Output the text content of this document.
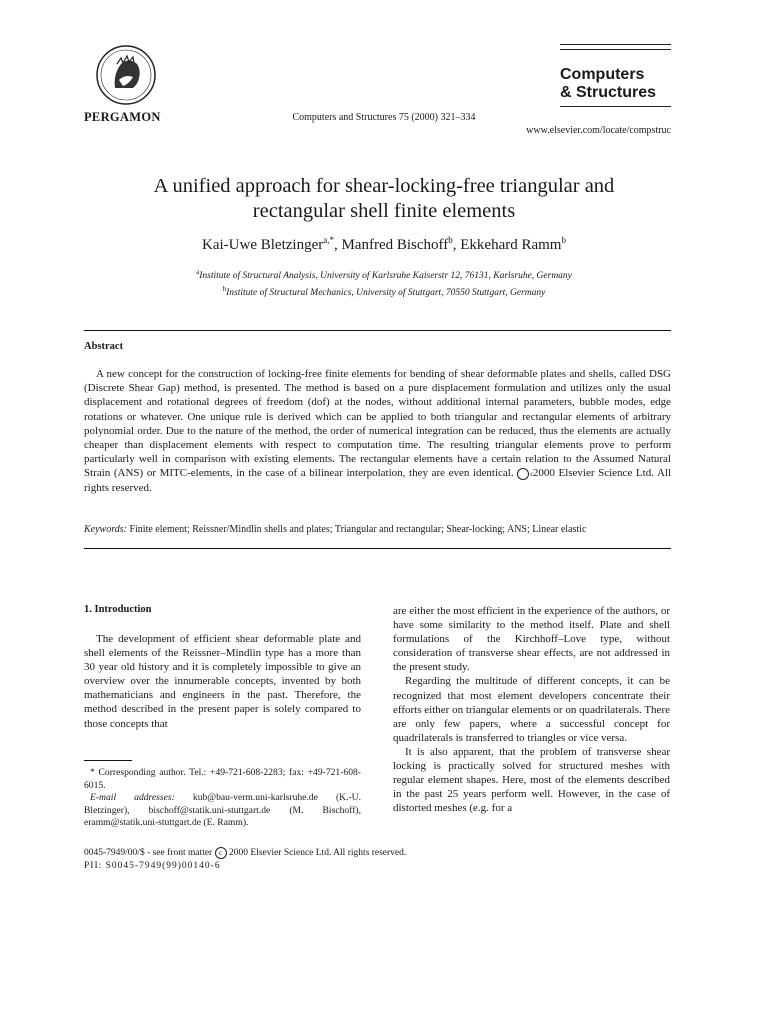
PERGAMON	Computers and Structures 75 (2000) 321–334
Computers
& Structures
www.elsevier.com/locate/compstruc
A unified approach for shear-locking-free triangular and
rectangular shell finite elements
Kai-Uwe Bletzinger$^{a,*}$, Manfred Bischoff$^b$, Ekkehard Ramm$^b$
$^a$Institute of Structural Analysis, University of Karlsruhe Kaiserstr 12, 76131, Karlsruhe, Germany
$^b$Institute of Structural Mechanics, University of Stuttgart, 70550 Stuttgart, Germany
Abstract
A new concept for the construction of locking-free finite elements for bending of shear deformable plates and shells, called DSG (Discrete Shear Gap) method, is presented. The method is based on a pure displacement formulation and utilizes only the usual displacement and rotational degrees of freedom (dof) at the nodes, without additional internal parameters, bubble modes, edge rotations or whatever. One unique rule is derived which can be applied to both triangular and rectangular elements of arbitrary polynomial order. Due to the nature of the method, the order of numerical integration can be reduced, thus the elements are actually cheaper than displacement elements with respect to computation time. The resulting triangular elements prove to perform particularly well in comparison with existing elements. The rectangular elements have a certain relation to the Assumed Natural Strain (ANS) or MITC-elements, in the case of a bilinear interpolation, they are even identical. c 2000 Elsevier Science Ltd. All rights reserved.
Keywords: Finite element; Reissner/Mindlin shells and plates; Triangular and rectangular; Shear-locking; ANS; Linear elastic
1. Introduction

The development of efficient shear deformable plate and shell elements of the Reissner–Mindlin type has a more than 30 year old history and it is completely impossible to give an overview over the innumerable concepts, invented by both mathematicians and engineers in the past. Therefore, the method described in the present paper is solely compared to those concepts that

are either the most efficient in the experience of the authors, or have some similarity to the method itself. Plate and shell formulations of the Kirchhoff–Love type, without consideration of transverse shear effects, are not addressed in the present study.

Regarding the multitude of different concepts, it can be recognized that most element developers concentrate their efforts either on triangular elements or on quadrilaterals. There are only few papers, where a successful concept for quadrilaterals is transferred to triangles or vice versa.

It is also apparent, that the problem of transverse shear locking is practically solved for structured meshes with regular element shapes. Here, most of the elements described in the past 25 years perform well. However, in the case of distorted meshes (e.g. for a

* Corresponding author. Tel.: +49-721-608-2283; fax: +49-721-608-6015.

E-mail addresses: kub@bau-verm.uni-karlsruhe.de (K.-U. Bletzinger), bischoff@statik.uni-stuttgart.de (M. Bischoff), eramm@statik.uni-stuttgart.de (E. Ramm).

0045-7949/00/$ - see front matter c 2000 Elsevier Science Ltd. All rights reserved.
PII: S0045-7949(99)00140-6
